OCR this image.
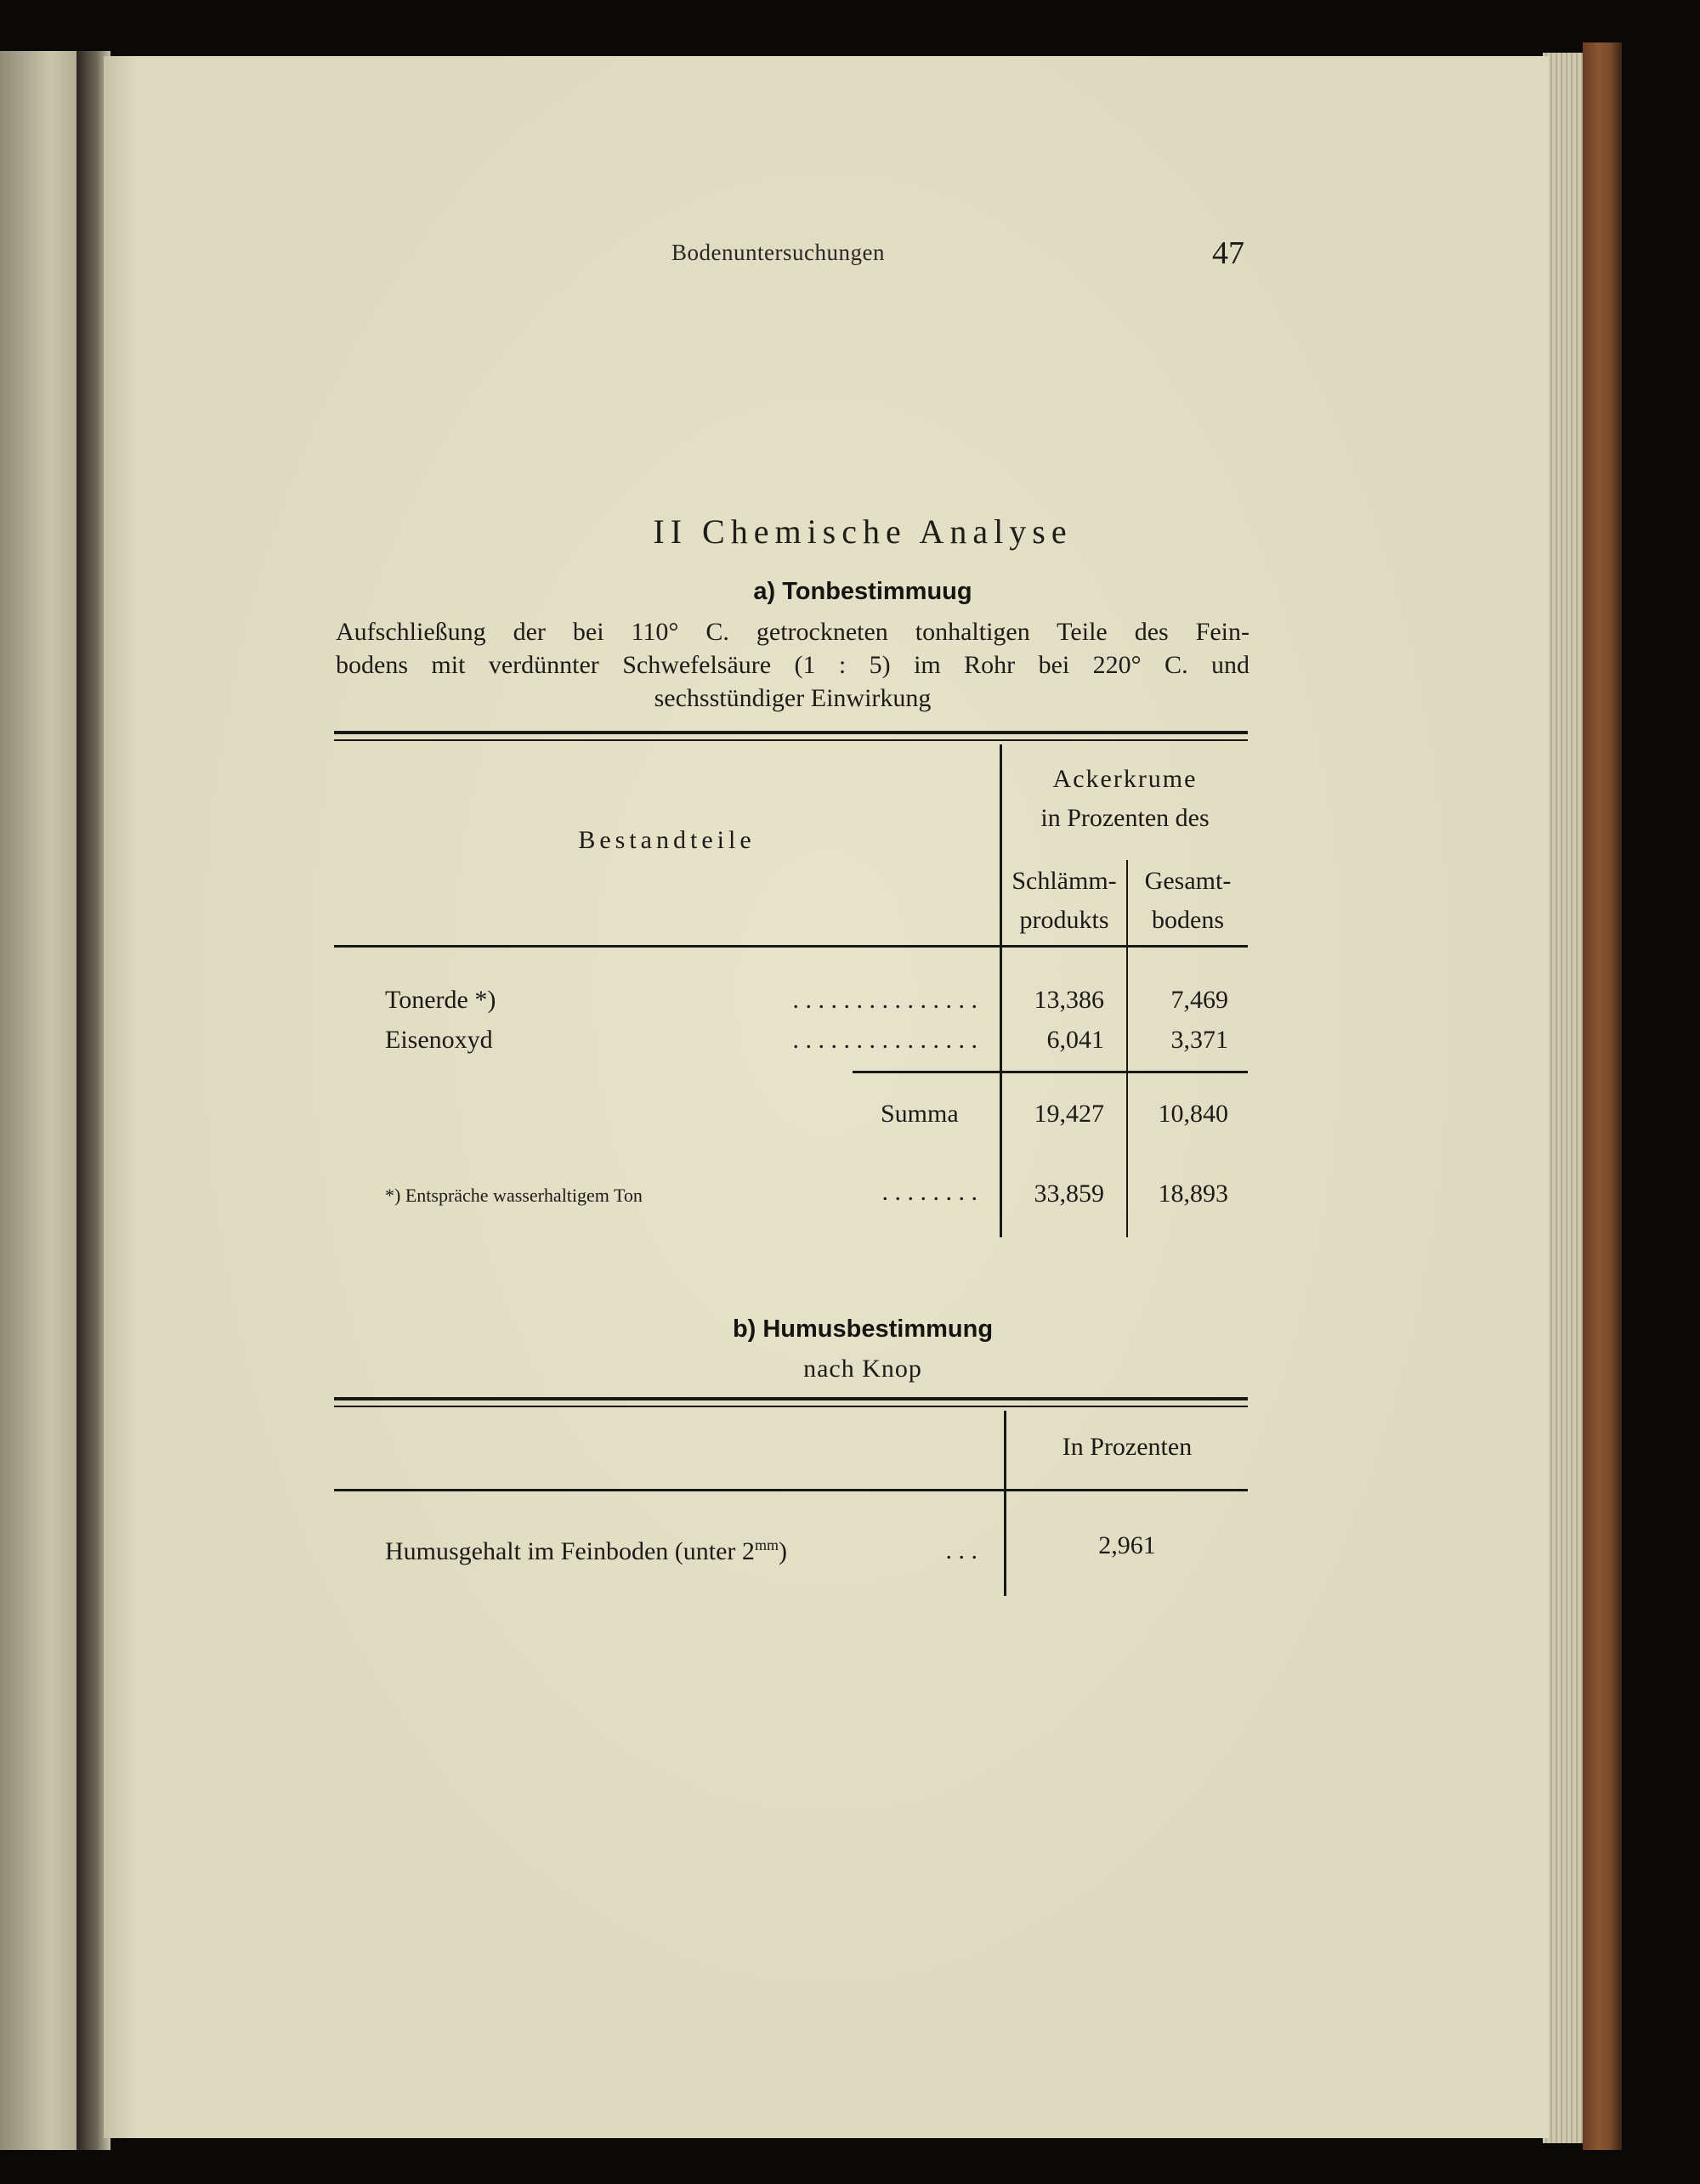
Bodenuntersuchungen	47
II Chemische Analyse
a) Tonbestimmuug
Aufschließung der bei 110° C. getrockneten tonhaltigen Teile des Fein-
bodens mit verdünnter Schwefelsäure (1 : 5) im Rohr bei 220° C. und
sechsstündiger Einwirkung
Bestandteile
Ackerkrume
in Prozenten des
Schlämm-
produkts
Gesamt-
bodens
Tonerde *)	. . . . . . . . . . . . . . .	13,386	7,469
Eisenoxyd	. . . . . . . . . . . . . . .	6,041	3,371
Summa	19,427	10,840
*) Entspräche wasserhaltigem Ton	. . . . . . . .	33,859	18,893
b) Humusbestimmung
nach Knop
In Prozenten
Humusgehalt im Feinboden (unter $2^{mm}$)	. . .	2,961
